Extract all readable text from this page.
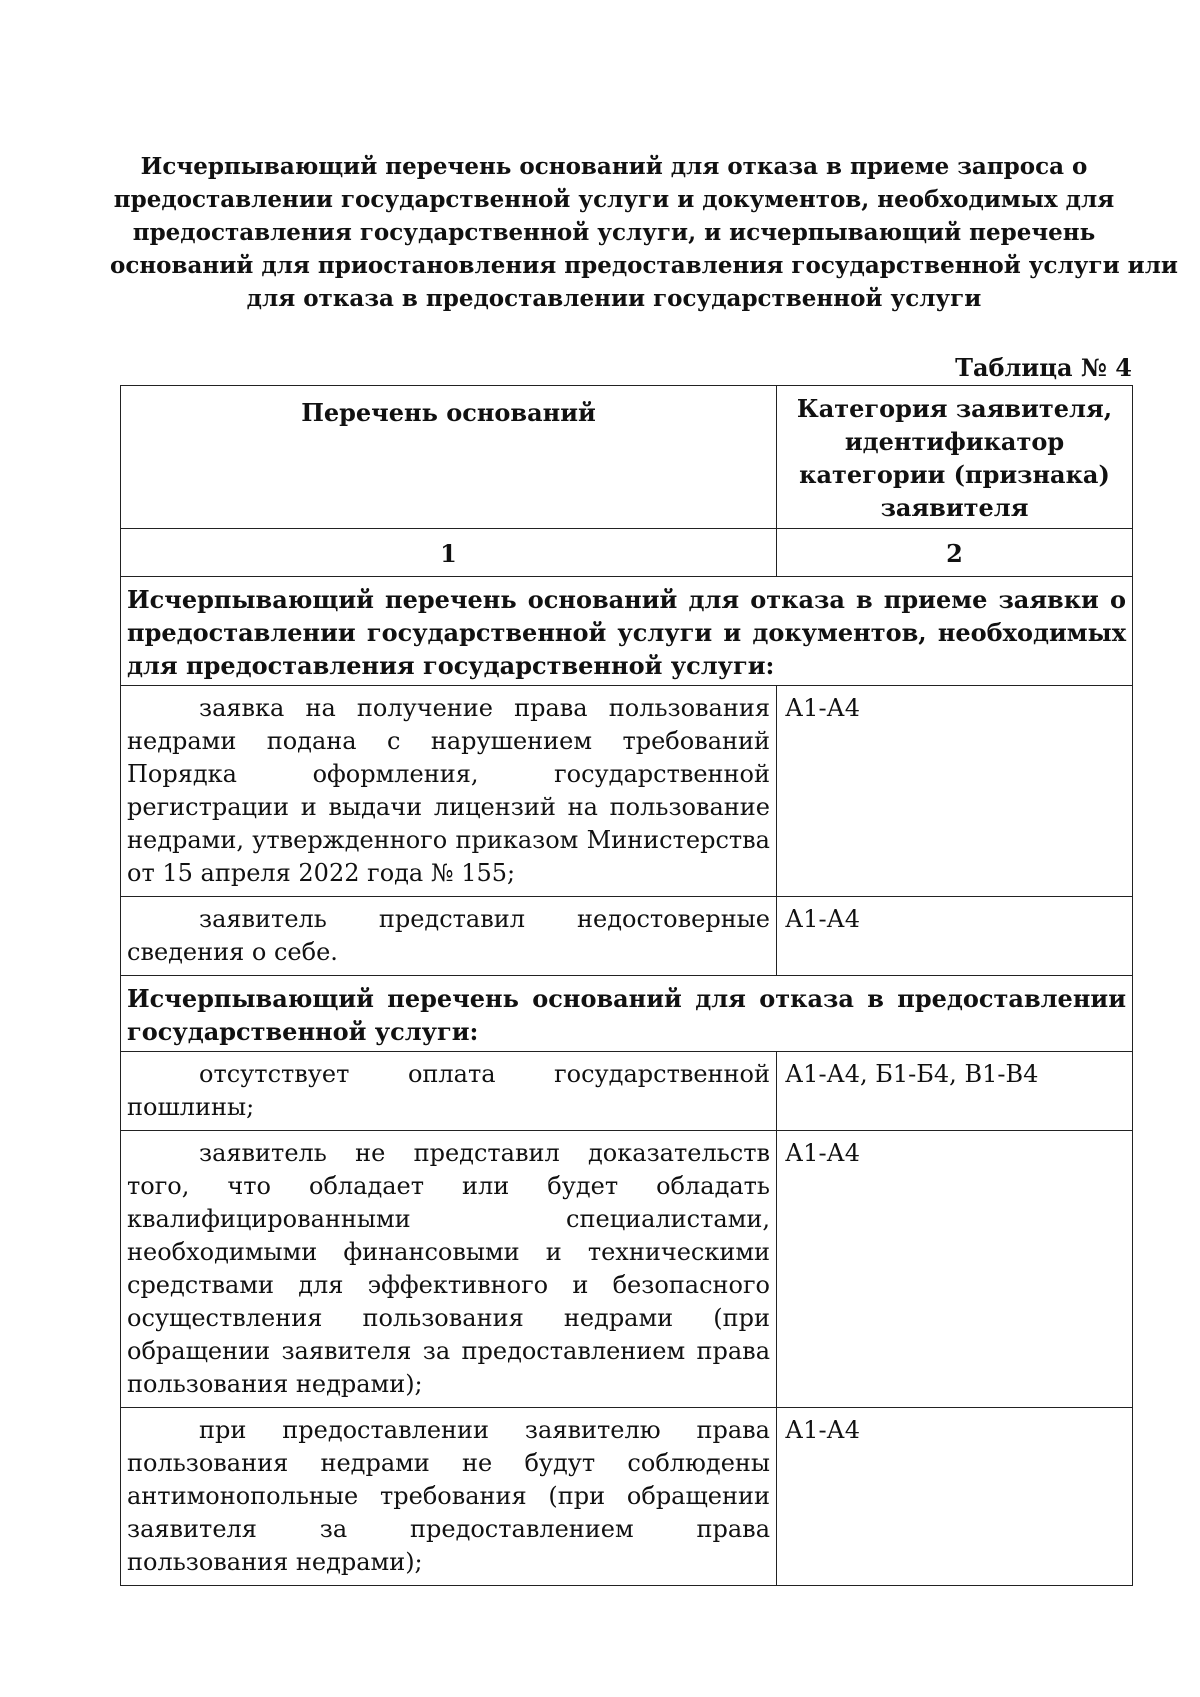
Исчерпывающий перечень оснований для отказа в приеме запроса о
предоставлении государственной услуги и документов, необходимых для
предоставления государственной услуги, и исчерпывающий перечень
оснований для приостановления предоставления государственной услуги или
для отказа в предоставлении государственной услуги
Таблица № 4
Перечень оснований	Категория заявителя, идентификатор категории (признака) заявителя
1	2
Исчерпывающий перечень оснований для отказа в приеме заявки о предоставлении государственной услуги и документов, необходимых для предоставления государственной услуги:	
заявка на получение права пользования недрами подана с нарушением требований Порядка оформления, государственной регистрации и выдачи лицензий на пользование недрами, утвержденного приказом Министерства от 15 апреля 2022 года № 155;	А1-А4
заявитель представил недостоверные сведения о себе.	А1-А4
Исчерпывающий перечень оснований для отказа в предоставлении государственной услуги:	
отсутствует оплата государственной пошлины;	А1-А4, Б1-Б4, В1-В4
заявитель не представил доказательств того, что обладает или будет обладать квалифицированными специалистами, необходимыми финансовыми и техническими средствами для эффективного и безопасного осуществления пользования недрами (при обращении заявителя за предоставлением права пользования недрами);	А1-А4
при предоставлении заявителю права пользования недрами не будут соблюдены антимонопольные требования (при обращении заявителя за предоставлением права пользования недрами);	А1-А4
